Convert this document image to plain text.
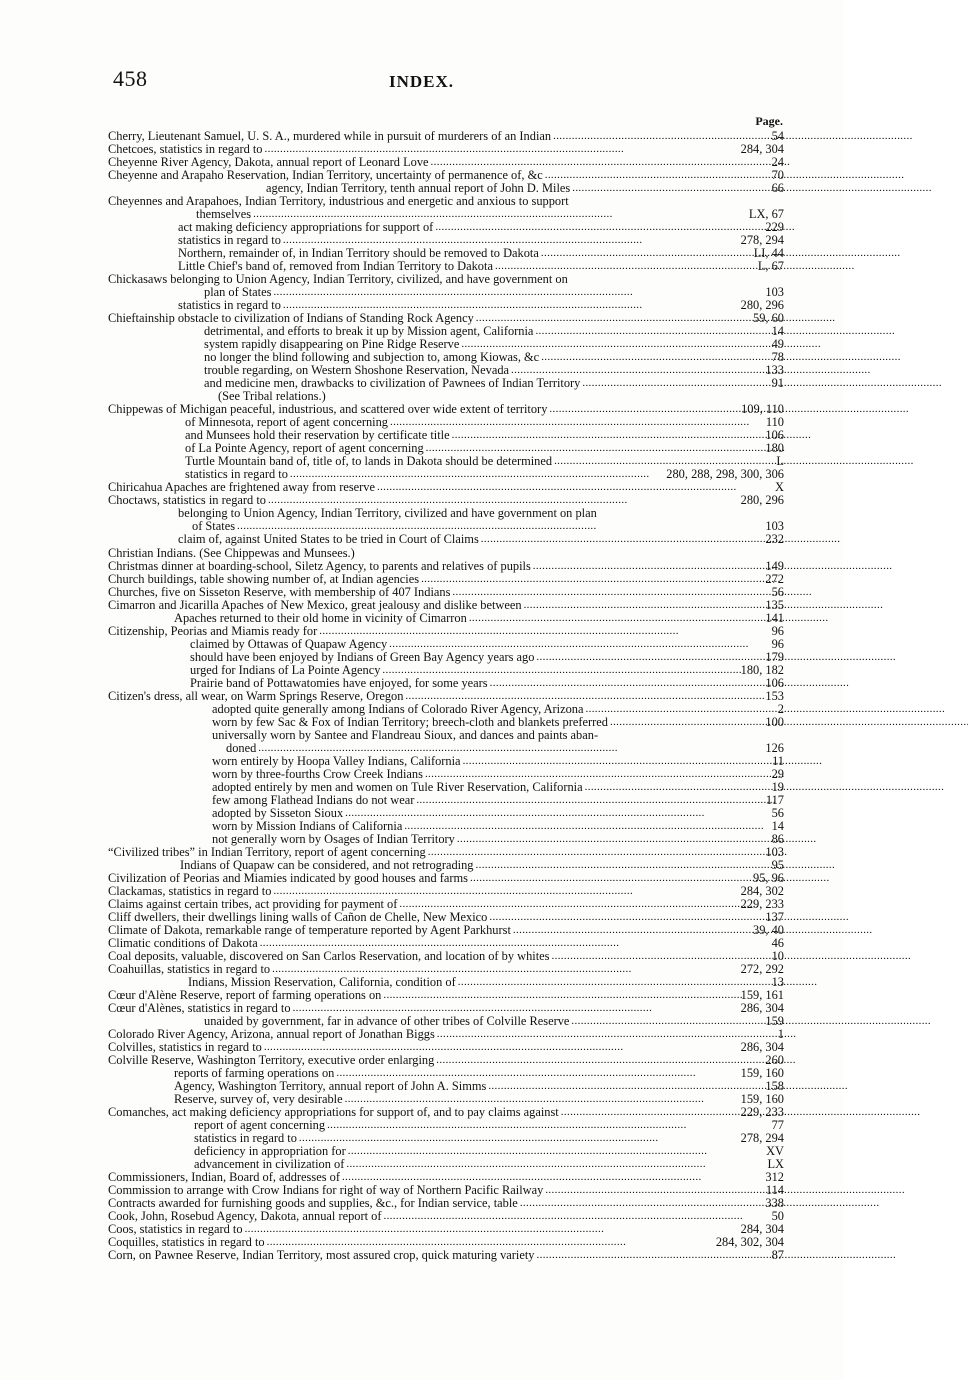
458	INDEX.
Page.
Cherry, Lieutenant Samuel, U. S. A., murdered while in pursuit of murderers of an Indian . . .	54
Chetcoes, statistics in regard to . . .	284, 304
Cheyenne River Agency, Dakota, annual report of Leonard Love . . .	24
Cheyenne and Arapaho Reservation, Indian Territory, uncertainty of permanence of, &c . . .	70
agency, Indian Territory, tenth annual report of John D. Miles . . .	66
Cheyennes and Arapahoes, Indian Territory, industrious and energetic and anxious to support
themselves . . .	LX, 67
act making deficiency appropriations for support of . . .	229
statistics in regard to . . .	278, 294
Northern, remainder of, in Indian Territory should be removed to Dakota . . .	LI, 44
Little Chief's band of, removed from Indian Territory to Dakota . . .	L, 67
Chickasaws belonging to Union Agency, Indian Territory, civilized, and have government on
plan of States . . .	103
statistics in regard to . . .	280, 296
Chieftainship obstacle to civilization of Indians of Standing Rock Agency . . .	59, 60
detrimental, and efforts to break it up by Mission agent, California . . .	14
system rapidly disappearing on Pine Ridge Reserve . . .	49
no longer the blind following and subjection to, among Kiowas, &c . . .	78
trouble regarding, on Western Shoshone Reservation, Nevada . . .	133
and medicine men, drawbacks to civilization of Pawnees of Indian Territory . . .	91
(See Tribal relations.)
Chippewas of Michigan peaceful, industrious, and scattered over wide extent of territory . . .	109, 110
of Minnesota, report of agent concerning . . .	110
and Munsees hold their reservation by certificate title . . .	106
of La Pointe Agency, report of agent concerning . . .	180
Turtle Mountain band of, title of, to lands in Dakota should be determined . . .	L
statistics in regard to . . .	280, 288, 298, 300, 306
Chiricahua Apaches are frightened away from reserve . . .	X
Choctaws, statistics in regard to . . .	280, 296
belonging to Union Agency, Indian Territory, civilized and have government on plan
of States . . .	103
claim of, against United States to be tried in Court of Claims . . .	232
Christian Indians. (See Chippewas and Munsees.)
Christmas dinner at boarding-school, Siletz Agency, to parents and relatives of pupils . . .	149
Church buildings, table showing number of, at Indian agencies . . .	272
Churches, five on Sisseton Reserve, with membership of 407 Indians . . .	56
Cimarron and Jicarilla Apaches of New Mexico, great jealousy and dislike between . . .	135
Apaches returned to their old home in vicinity of Cimarron . . .	141
Citizenship, Peorias and Miamis ready for . . .	96
claimed by Ottawas of Quapaw Agency . . .	96
should have been enjoyed by Indians of Green Bay Agency years ago . . .	179
urged for Indians of La Pointe Agency . . .	180, 182
Prairie band of Pottawatomies have enjoyed, for some years . . .	106
Citizen's dress, all wear, on Warm Springs Reserve, Oregon . . .	153
adopted quite generally among Indians of Colorado River Agency, Arizona . . .	2
worn by few Sac & Fox of Indian Territory; breech-cloth and blankets preferred . . .	100
universally worn by Santee and Flandreau Sioux, and dances and paints aban-
doned . . .	126
worn entirely by Hoopa Valley Indians, California . . .	11
worn by three-fourths Crow Creek Indians . . .	29
adopted entirely by men and women on Tule River Reservation, California . . .	19
few among Flathead Indians do not wear . . .	117
adopted by Sisseton Sioux . . .	56
worn by Mission Indians of California . . .	14
not generally worn by Osages of Indian Territory . . .	86
“Civilized tribes” in Indian Territory, report of agent concerning . . .	103
Indians of Quapaw can be considered, and not retrograding . . .	95
Civilization of Peorias and Miamies indicated by good houses and farms . . .	95, 96
Clackamas, statistics in regard to . . .	284, 302
Claims against certain tribes, act providing for payment of . . .	229, 233
Cliff dwellers, their dwellings lining walls of Cañon de Chelle, New Mexico . . .	137
Climate of Dakota, remarkable range of temperature reported by Agent Parkhurst . . .	39, 40
Climatic conditions of Dakota . . .	46
Coal deposits, valuable, discovered on San Carlos Reservation, and location of by whites . . .	10
Coahuillas, statistics in regard to . . .	272, 292
Indians, Mission Reservation, California, condition of . . .	13
Cœur d'Alène Reserve, report of farming operations on . . .	159, 161
Cœur d'Alènes, statistics in regard to . . .	286, 304
unaided by government, far in advance of other tribes of Colville Reserve . . .	159
Colorado River Agency, Arizona, annual report of Jonathan Biggs . . .	1
Colvilles, statistics in regard to . . .	286, 304
Colville Reserve, Washington Territory, executive order enlarging . . .	260
reports of farming operations on . . .	159, 160
Agency, Washington Territory, annual report of John A. Simms . . .	158
Reserve, survey of, very desirable . . .	159, 160
Comanches, act making deficiency appropriations for support of, and to pay claims against . . .	229, 233
report of agent concerning . . .	77
statistics in regard to . . .	278, 294
deficiency in appropriation for . . .	XV
advancement in civilization of . . .	LX
Commissioners, Indian, Board of, addresses of . . .	312
Commission to arrange with Crow Indians for right of way of Northern Pacific Railway . . .	114
Contracts awarded for furnishing goods and supplies, &c., for Indian service, table . . .	338
Cook, John, Rosebud Agency, Dakota, annual report of . . .	50
Coos, statistics in regard to . . .	284, 304
Coquilles, statistics in regard to . . .	284, 302, 304
Corn, on Pawnee Reserve, Indian Territory, most assured crop, quick maturing variety . . .	87
